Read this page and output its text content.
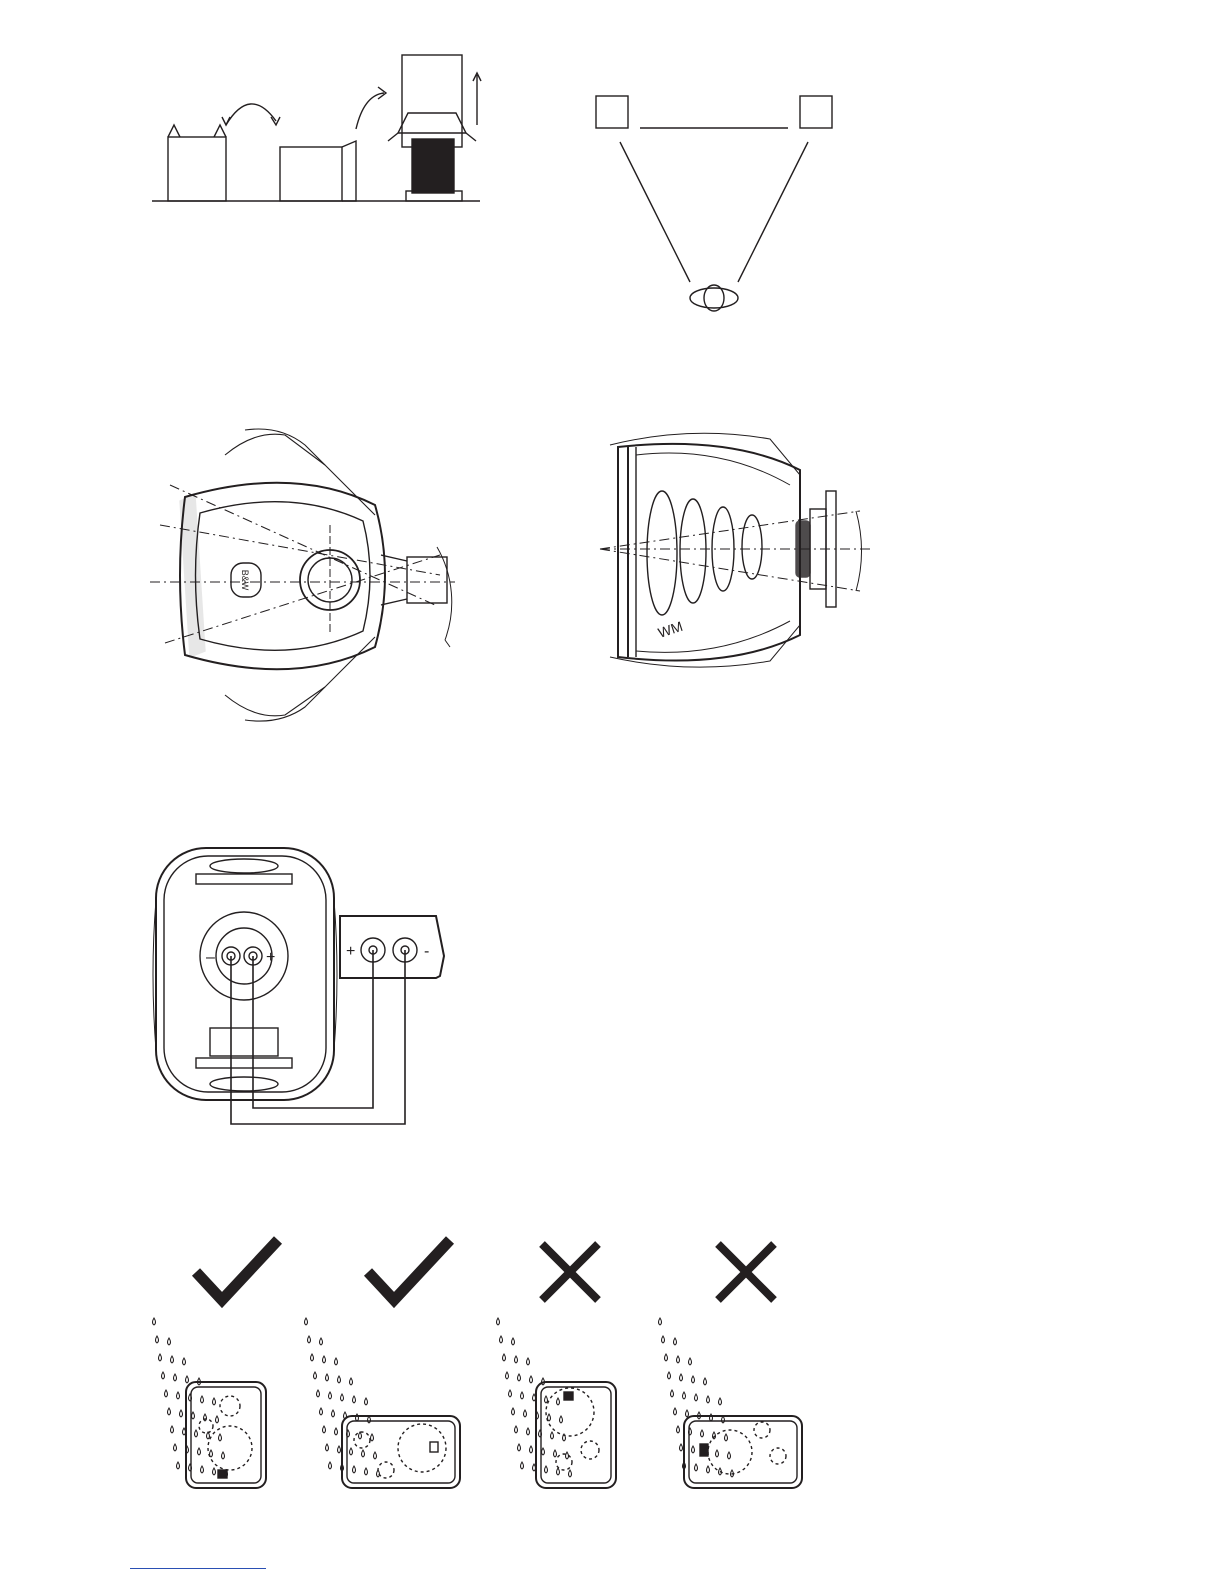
B&W
WM
–	+	+	-
